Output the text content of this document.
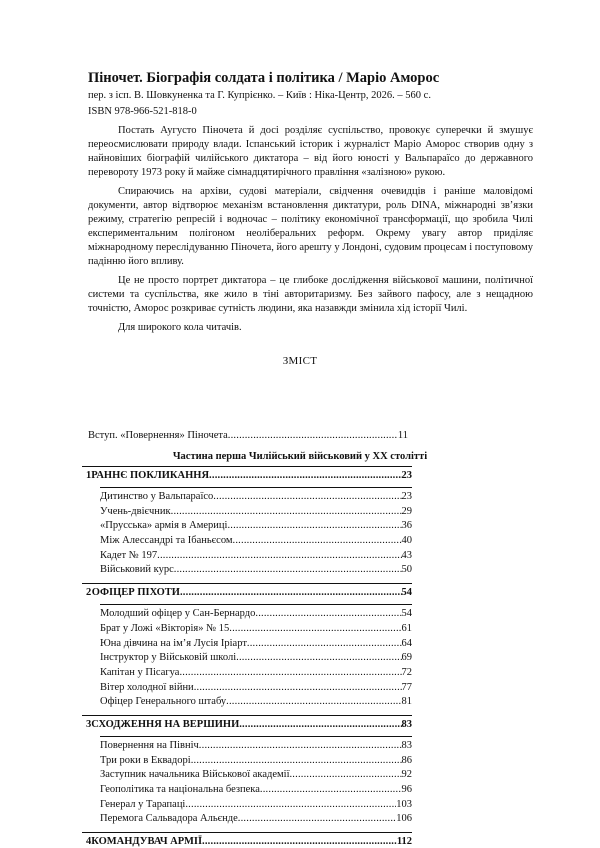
Піночет. Біографія солдата і політика / Маріо Аморос
пер. з ісп. В. Шовкуненка та Г. Купрієнко. – Київ : Ніка-Центр, 2026. – 560 с.
ISBN 978-966-521-818-0

Постать Аугусто Піночета й досі розділяє суспільство, провокує суперечки й змушує переосмислювати природу влади. Іспанський історик і журналіст Маріо Аморос створив одну з найновіших біографій чилійського диктатора – від його юності у Вальпараїсо до державного перевороту 1973 року й майже сімнадцятирічного правління «залізною» рукою.

Спираючись на архіви, судові матеріали, свідчення очевидців і раніше маловідомі документи, автор відтворює механізм встановлення диктатури, роль DINA, міжнародні зв’язки режиму, стратегію репресій і водночас – політику економічної трансформації, що зробила Чилі експериментальним полігоном неоліберальних реформ. Окрему увагу автор приділяє міжнародному переслідуванню Піночета, його арешту у Лондоні, судовим процесам і поступовому падінню його впливу.

Це не просто портрет диктатора – це глибоке дослідження військової машини, політичної системи та суспільства, яке жило в тіні авторитаризму. Без зайвого пафосу, але з нещадною точністю, Аморос розкриває сутність людини, яка назавжди змінила хід історії Чилі.

Для широкого кола читачів.

ЗМІСТ
Вступ. «Повернення» Піночета .....	11
Частина перша Чилійський військовий у XX столітті
1 РАННЄ ПОКЛИКАННЯ .....	23
Дитинство у Вальпараїсо .....	23
Учень-двієчник .....	29
«Прусська» армія в Америці .....	36
Між Алессандрі та Ібаньєсом .....	40
Кадет № 197 .....	43
Військовий курс .....	50
2 ОФІЦЕР ПІХОТИ .....	54
Молодший офіцер у Сан-Бернардо .....	54
Брат у Ложі «Вікторія» № 15 .....	61
Юна дівчина на ім’я Лусія Іріарт .....	64
Інструктор у Військовій школі .....	69
Капітан у Пісагуа .....	72
Вітер холодної війни .....	77
Офіцер Генерального штабу .....	81
3 СХОДЖЕННЯ НА ВЕРШИНИ .....	83
Повернення на Північ .....	83
Три роки в Еквадорі .....	86
Заступник начальника Військової академії .....	92
Геополітика та національна безпека .....	96
Генерал у Тарапаці .....	103
Перемога Сальвадора Альєнде .....	106
4 КОМАНДУВАЧ АРМІЇ .....	112
